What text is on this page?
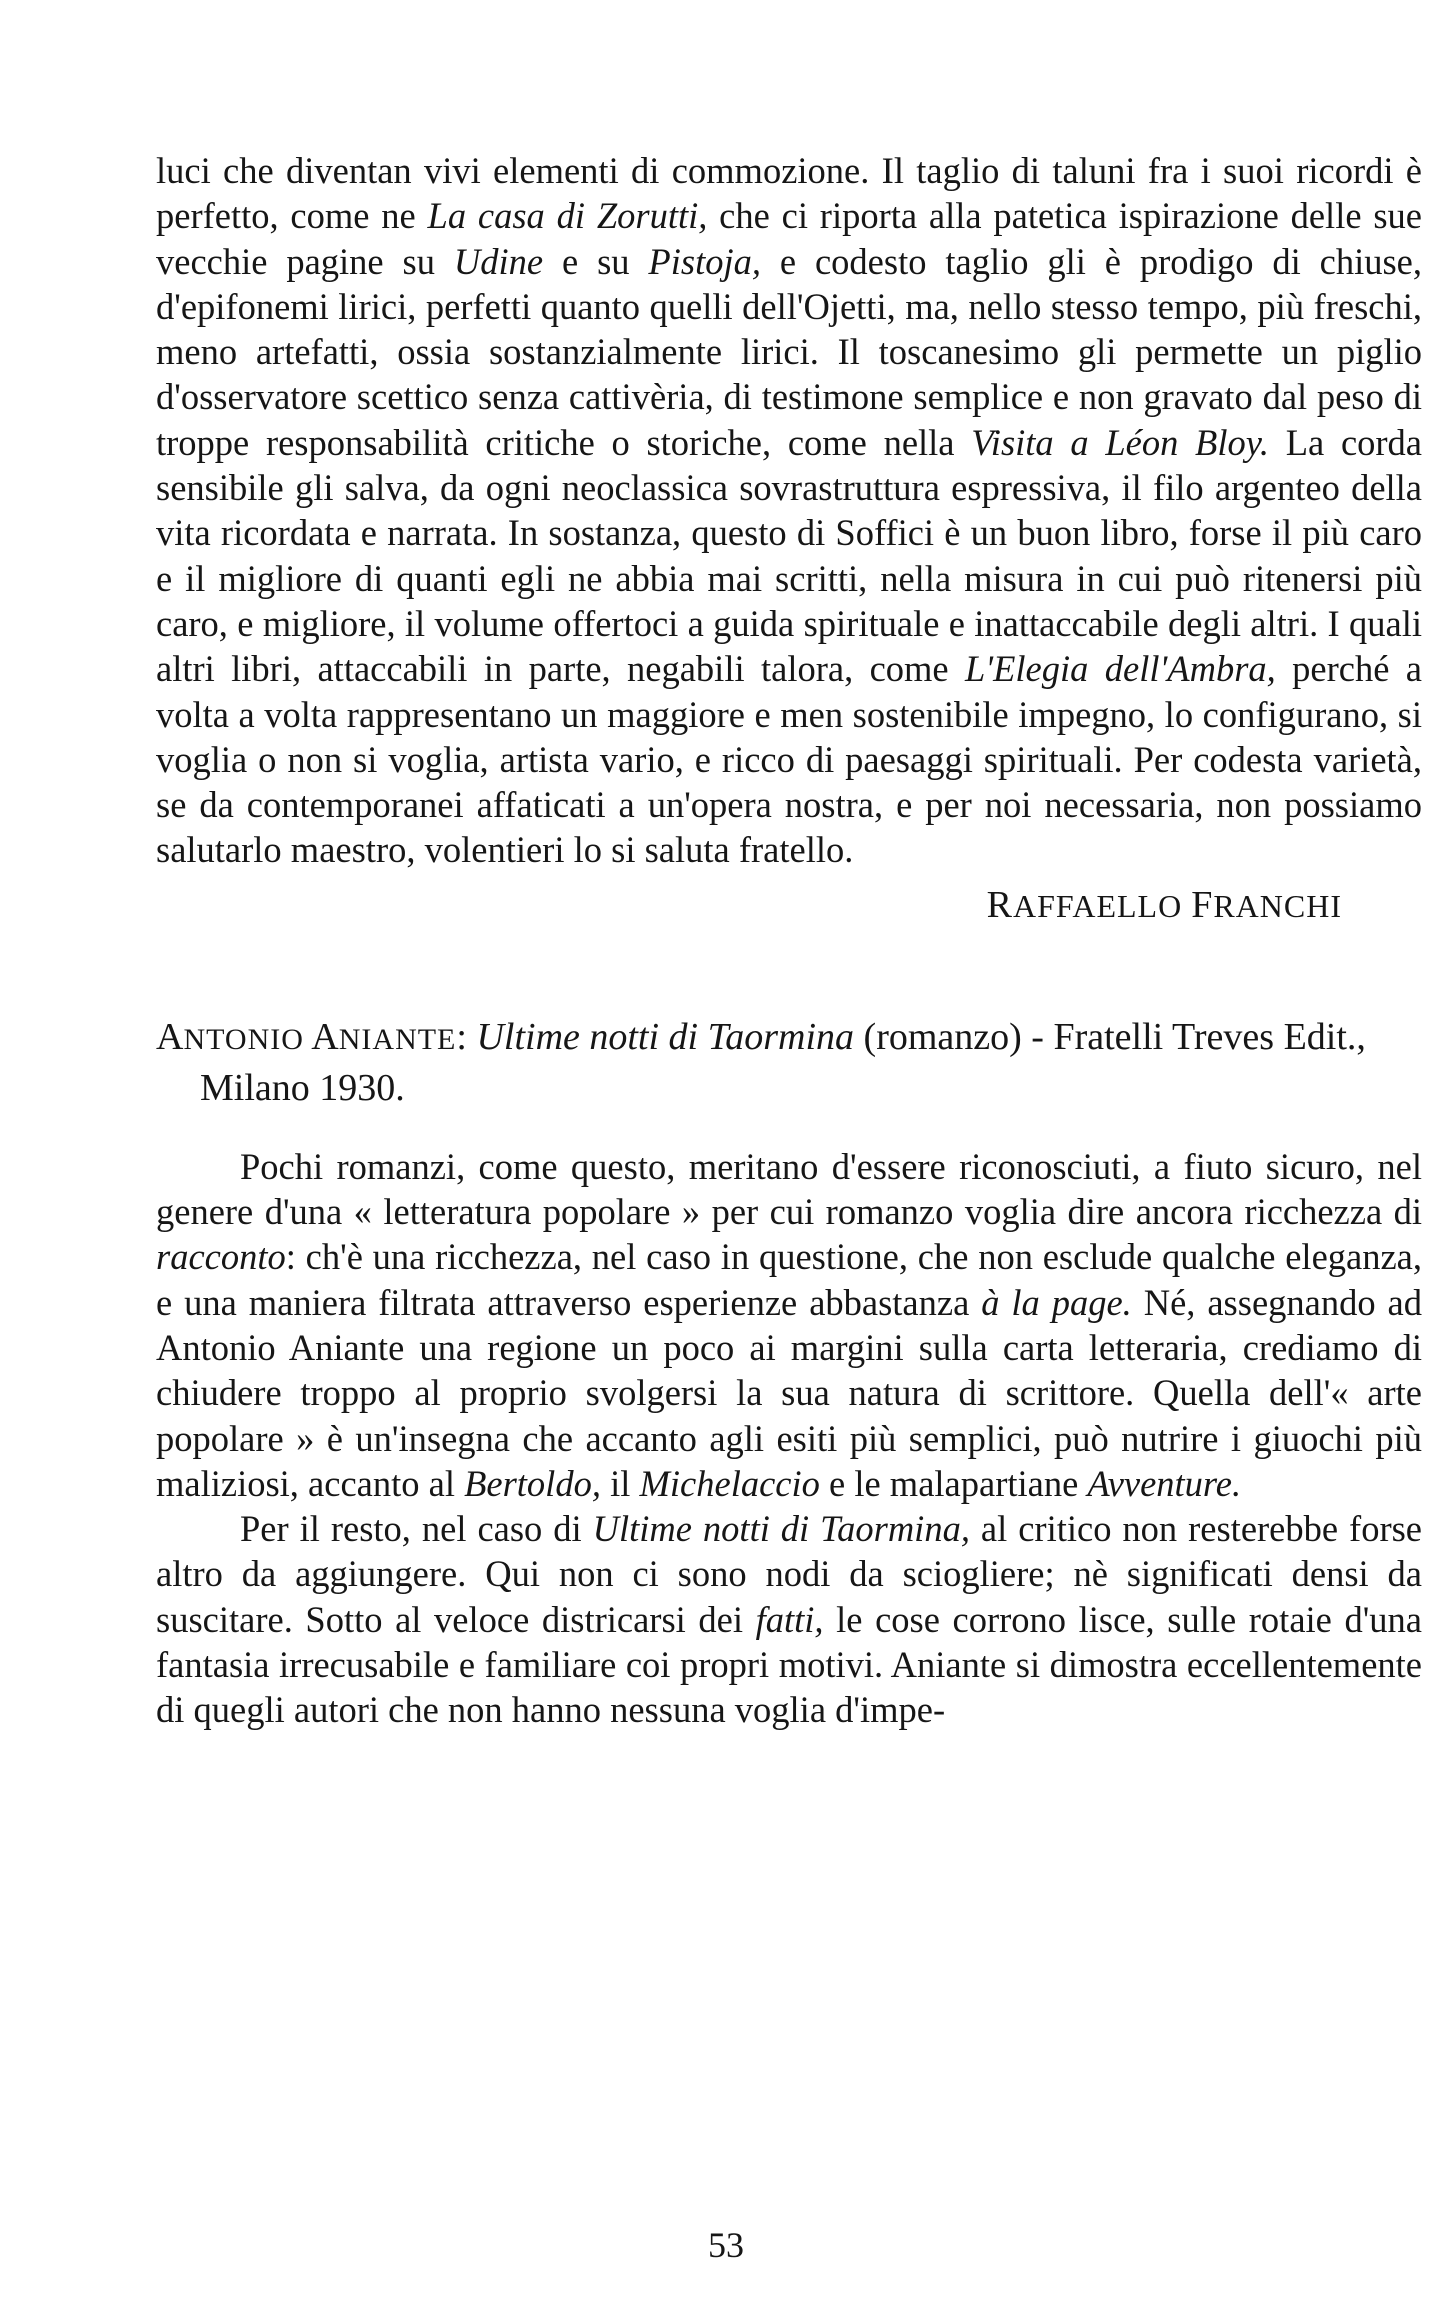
luci che diventan vivi elementi di commozione. Il taglio di taluni fra i suoi ricordi è perfetto, come ne La casa di Zorutti, che ci riporta alla patetica ispirazione delle sue vecchie pagine su Udine e su Pistoja, e codesto taglio gli è prodigo di chiuse, d'epifonemi lirici, perfetti quanto quelli dell'Ojetti, ma, nello stesso tempo, più freschi, meno artefatti, ossia sostanzialmente lirici. Il toscanesimo gli permette un piglio d'osservatore scettico senza cattivèria, di testimone semplice e non gravato dal peso di troppe responsabilità critiche o storiche, come nella Visita a Léon Bloy. La corda sensibile gli salva, da ogni neoclassica sovrastruttura espressiva, il filo argenteo della vita ricordata e narrata. In sostanza, questo di Soffici è un buon libro, forse il più caro e il migliore di quanti egli ne abbia mai scritti, nella misura in cui può ritenersi più caro, e migliore, il volume offertoci a guida spirituale e inattaccabile degli altri. I quali altri libri, attaccabili in parte, negabili talora, come L'Elegia dell'Ambra, perché a volta a volta rappresentano un maggiore e men sostenibile impegno, lo configurano, si voglia o non si voglia, artista vario, e ricco di paesaggi spirituali. Per codesta varietà, se da contemporanei affaticati a un'opera nostra, e per noi necessaria, non possiamo salutarlo maestro, volentieri lo si saluta fratello.

RAFFAELLO FRANCHI

ANTONIO ANIANTE: Ultime notti di Taormina (romanzo) - Fratelli Treves Edit., Milano 1930.

Pochi romanzi, come questo, meritano d'essere riconosciuti, a fiuto sicuro, nel genere d'una « letteratura popolare » per cui romanzo voglia dire ancora ricchezza di racconto: ch'è una ricchezza, nel caso in questione, che non esclude qualche eleganza, e una maniera filtrata attraverso esperienze abbastanza à la page. Né, assegnando ad Antonio Aniante una regione un poco ai margini sulla carta letteraria, crediamo di chiudere troppo al proprio svolgersi la sua natura di scrittore. Quella dell'« arte popolare » è un'insegna che accanto agli esiti più semplici, può nutrire i giuochi più maliziosi, accanto al Bertoldo, il Michelaccio e le malapartiane Avventure.

Per il resto, nel caso di Ultime notti di Taormina, al critico non resterebbe forse altro da aggiungere. Qui non ci sono nodi da sciogliere; nè significati densi da suscitare. Sotto al veloce districarsi dei fatti, le cose corrono lisce, sulle rotaie d'una fantasia irrecusabile e familiare coi propri motivi. Aniante si dimostra eccellentemente di quegli autori che non hanno nessuna voglia d'impe-

53
